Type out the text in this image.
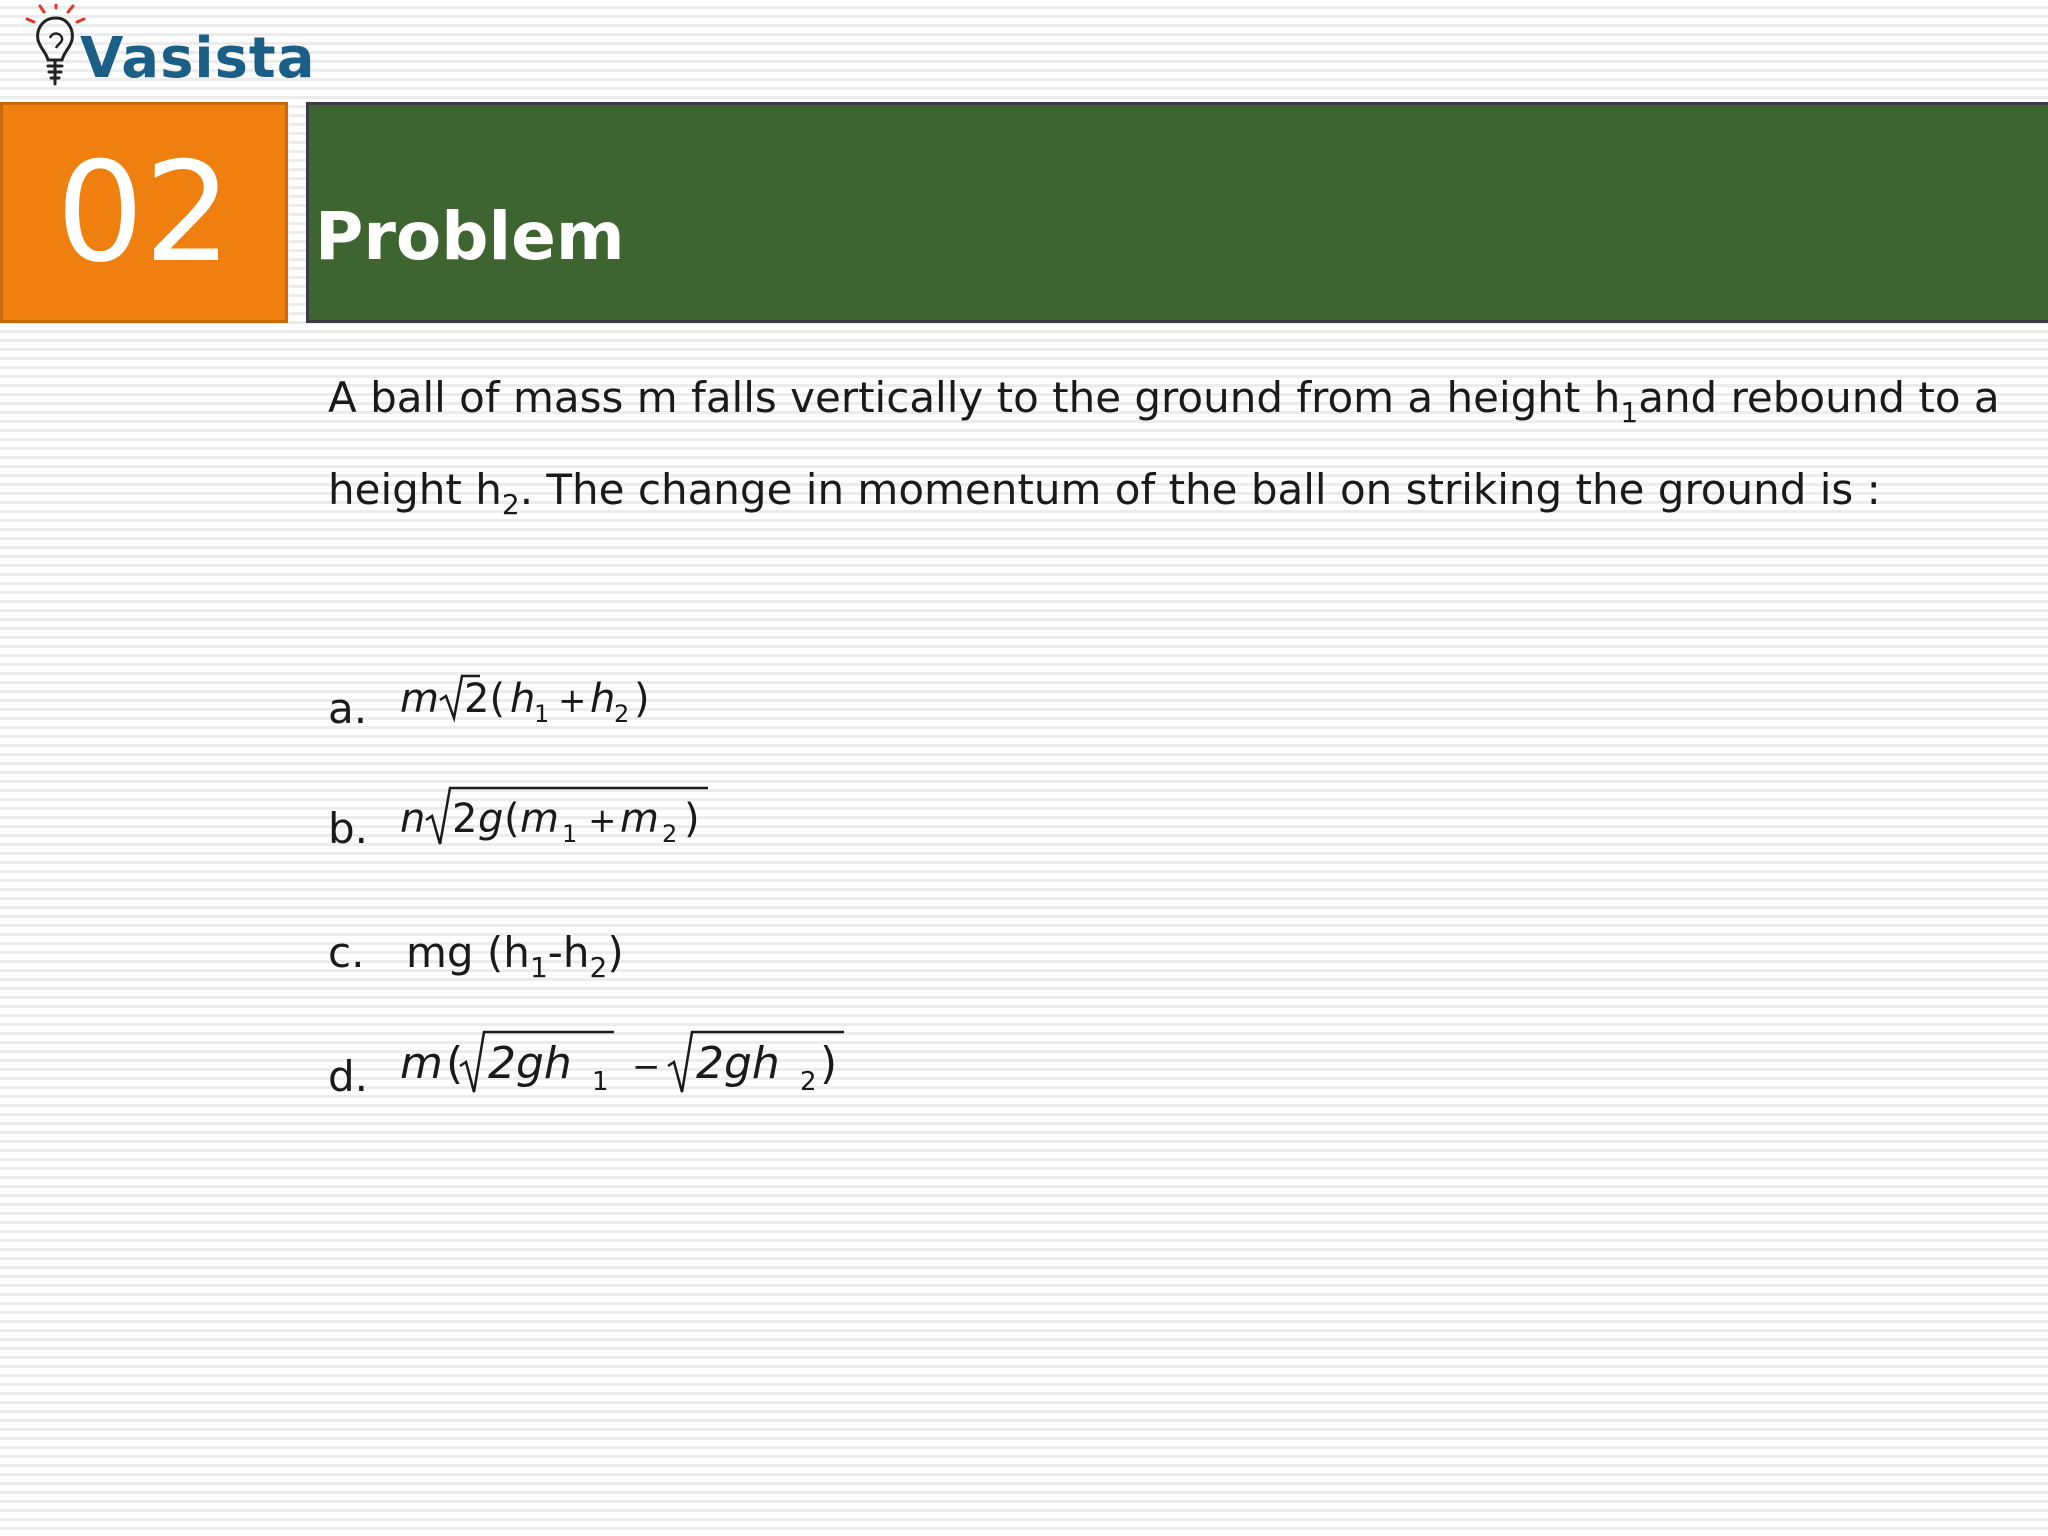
Vasista
02	Problem
A ball of mass m falls vertically to the ground from a height $h_1and$ rebound to a
height $h_2$. The change in momentum of the ball on striking the ground is :
a. m 2( h
1 + h
2 )
b. n 2 g ( m 1 + m 2 )
c. mg $(h_1-h_2)$
d. m ( 2gh 1 − 2gh 2 )
